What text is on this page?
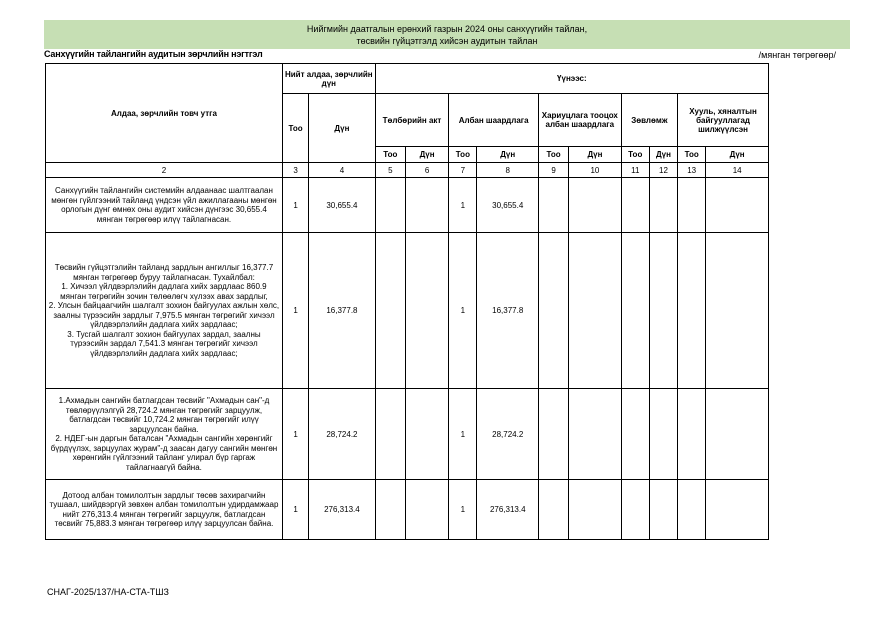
Нийгмийн даатгалын ерөнхий газрын 2024 оны санхүүгийн тайлан,
төсвийн гүйцэтгэлд хийсэн аудитын тайлан
Санхүүгийн тайлангийн аудитын зөрчлийн нэгтгэл	/мянган төгрөгөөр/
Алдаа, зөрчлийн товч утга	Нийт алдаа, зөрчлийн дүн		Үүнээс:									
	Тоо	Дүн	Төлбөрийн акт		Албан шаардлага		Хариуцлага тооцох албан шаардлага		Зөвлөмж		Хууль, хяналтын байгууллагад шилжүүлсэн	
			Тоо	Дүн	Тоо	Дүн	Тоо	Дүн	Тоо	Дүн	Тоо	Дүн
2	3	4	5	6	7	8	9	10	11	12	13	14
Санхүүгийн тайлангийн системийн алдаанаас шалтгаалан мөнгөн гүйлгээний тайланд үндсэн үйл ажиллагааны мөнгөн орлогын дүнг өмнөх оны аудит хийсэн дүнгээс 30,655.4 мянган төгрөгөөр илүү тайлагнасан.	1	30,655.4			1	30,655.4						
Төсвийн гүйцэтгэлийн тайланд зардлын ангиллыг 16,377.7 мянган төгрөгөөр буруу тайлагнасан. Тухайлбал:
1. Хичээл үйлдвэрлэлийн дадлага хийх зардлаас 860.9 мянган төгрөгийн зочин төлөөлөгч хүлээх авах зардлыг,
2. Улсын байцаагчийн шалгалт зохион байгуулах ажлын хөлс, заалны түрээсийн зардлыг 7,975.5 мянган төгрөгийг хичээл үйлдвэрлэлийн дадлага хийх зардлаас;
3. Тусгай шалгалт зохион байгуулах зардал, заалны түрээсийн зардал 7,541.3 мянган төгрөгийг хичээл үйлдвэрлэлийн дадлага хийх зардлаас;	1	16,377.8			1	16,377.8						
1.Ахмадын сангийн батлагдсан төсвийг "Ахмадын сан"-д төвлөрүүлэлгүй 28,724.2 мянган төгрөгийг зарцуулж, батлагдсан төсвийг 10,724.2 мянган төгрөгийг илүү зарцуулсан байна.
2. НДЕГ-ын даргын баталсан "Ахмадын сангийн хөрөнгийг бүрдүүлэх, зарцуулах журам"-д заасан дагуу сангийн мөнгөн хөрөнгийн гүйлгээний тайланг улирал бүр гаргаж тайлагнаагүй байна.	1	28,724.2			1	28,724.2						
Дотоод албан томилолтын зардлыг төсөв захирагчийн тушаал, шийдвэргүй зөвхөн албан томилолтын удирдамжаар нийт 276,313.4 мянган төгрөгийг зарцуулж, батлагдсан төсвийг 75,883.3 мянган төгрөгөөр илүү зарцуулсан байна.	1	276,313.4			1	276,313.4						
СНАГ-2025/137/НА-СТА-ТШЗ
